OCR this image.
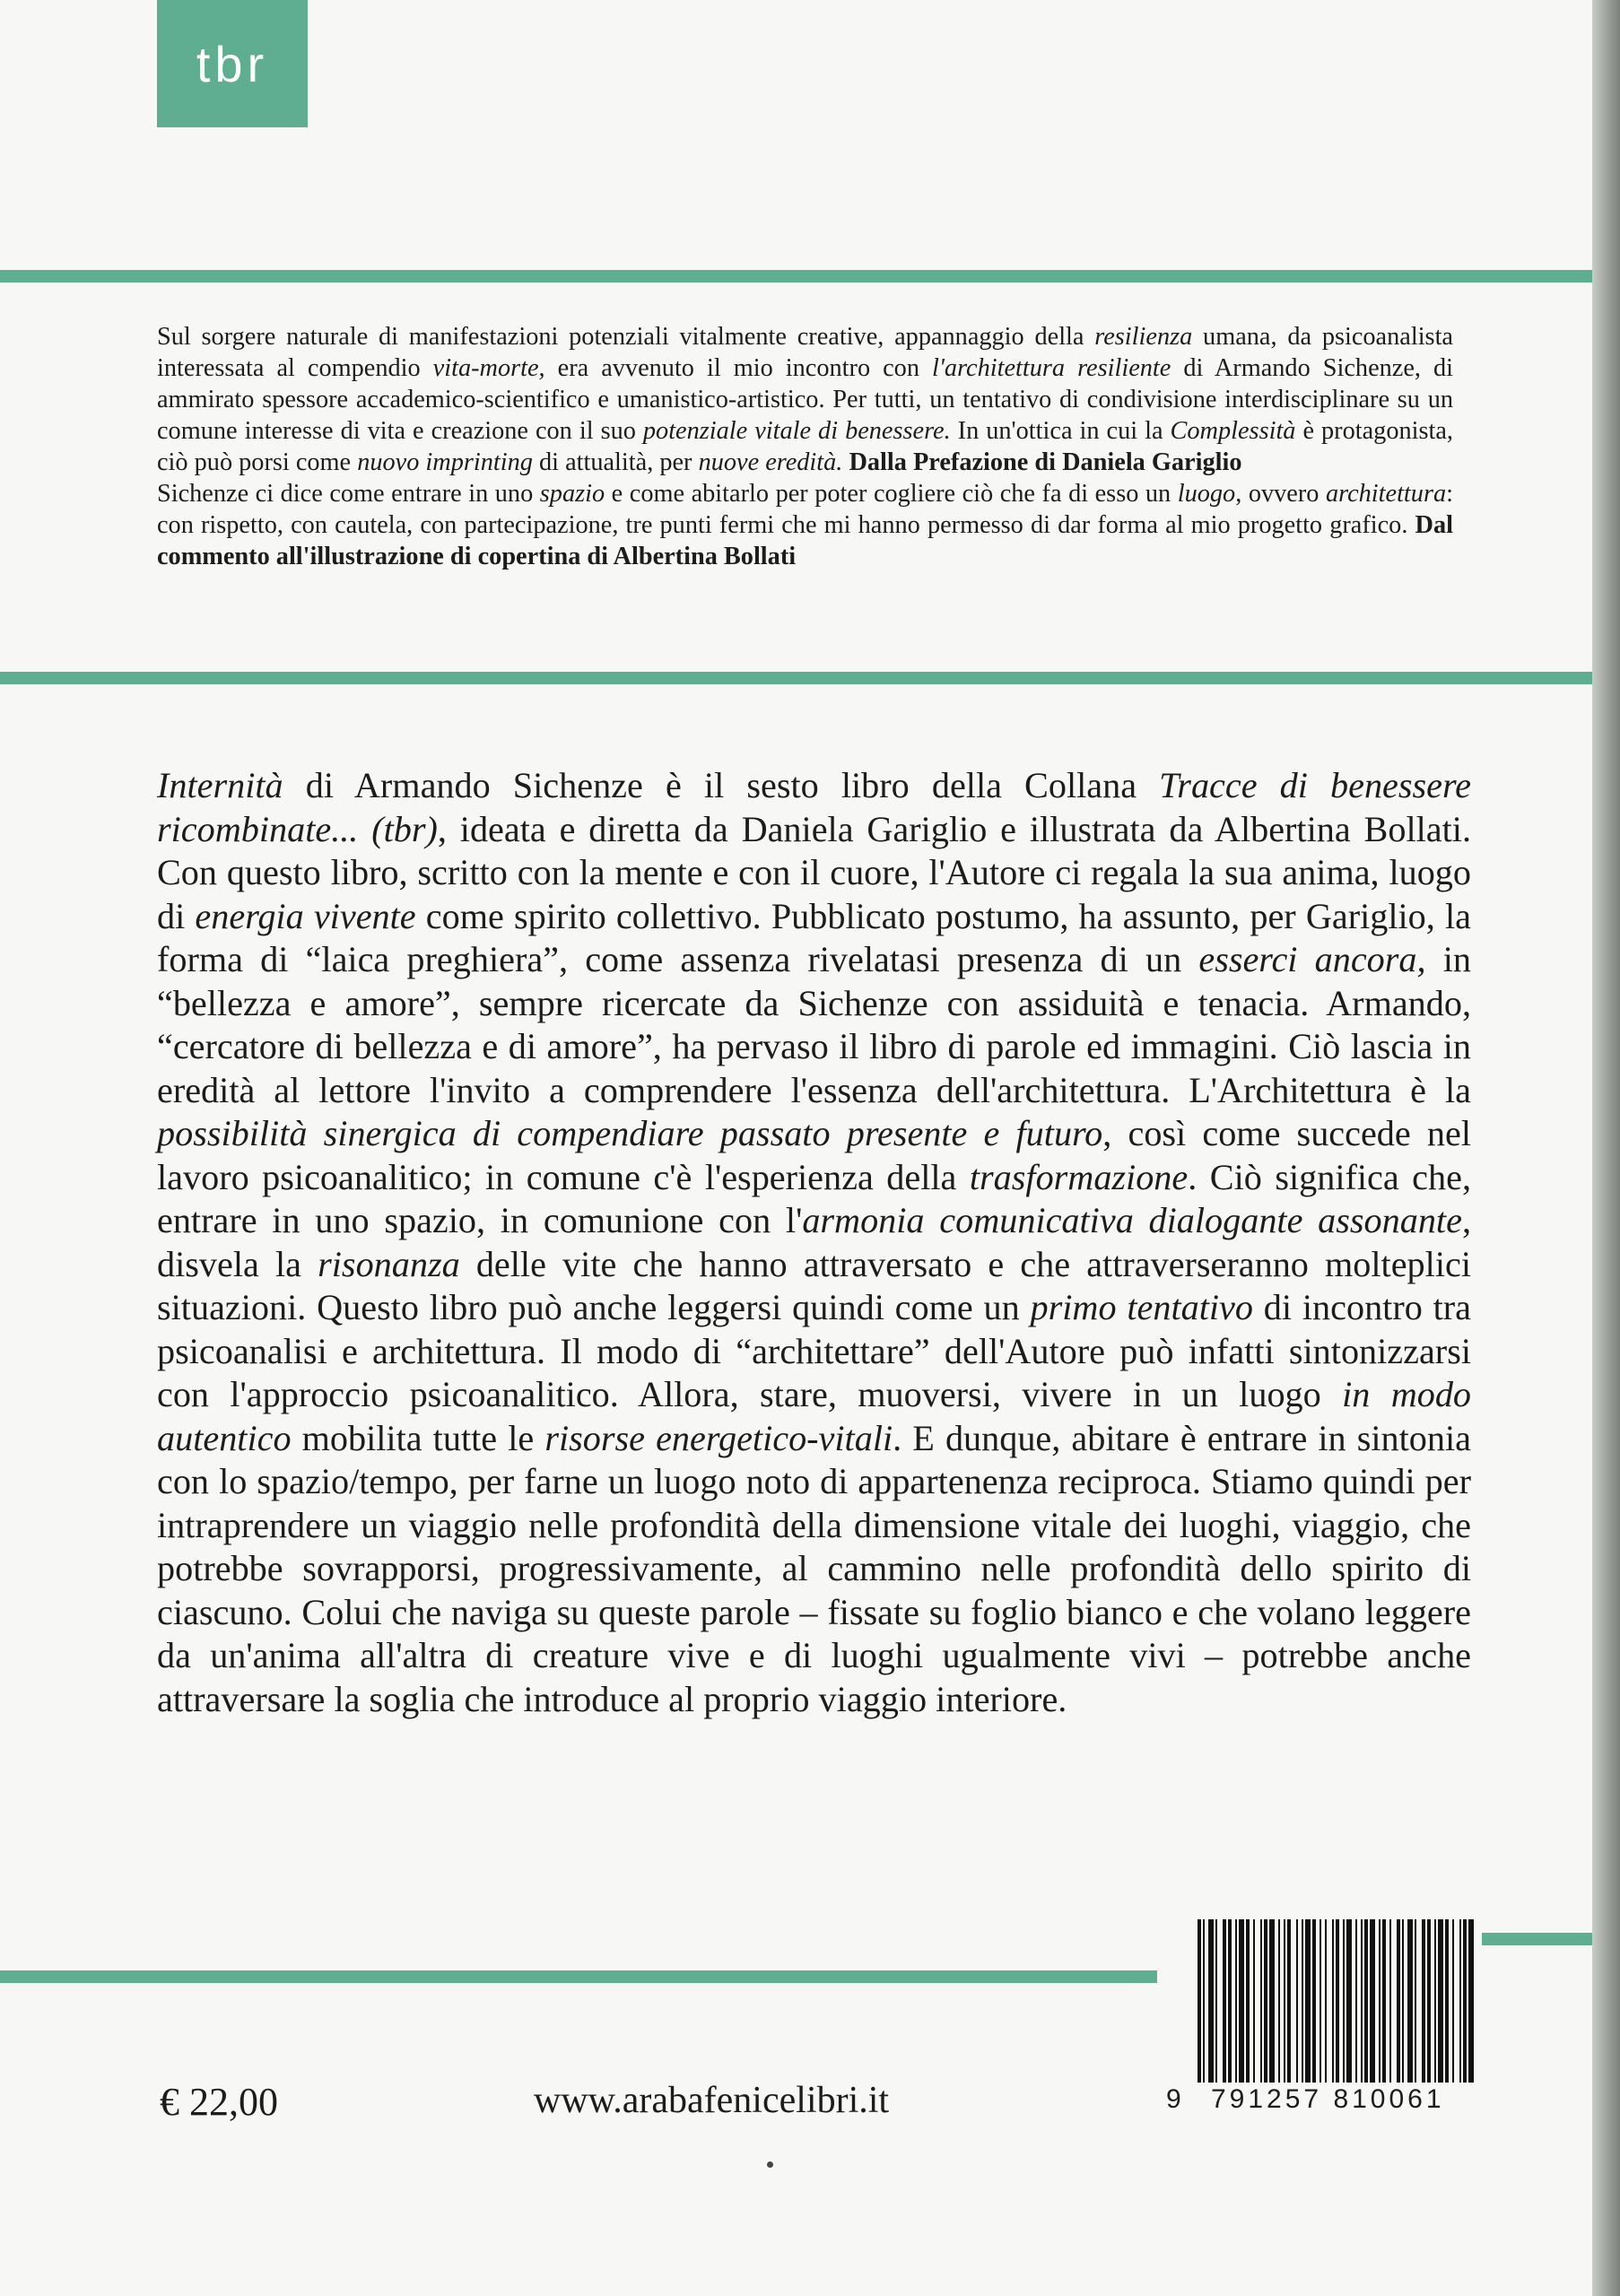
tbr

Sul sorgere naturale di manifestazioni potenziali vitalmente creative, appannaggio della resilienza umana, da psicoanalista interessata al compendio vita-morte, era avvenuto il mio incontro con l'architettura resiliente di Armando Sichenze, di ammirato spessore accademico-scientifico e umanistico-artistico. Per tutti, un tentativo di condivisione interdisciplinare su un comune interesse di vita e creazione con il suo potenziale vitale di benessere. In un'ottica in cui la Complessità è protagonista, ciò può porsi come nuovo imprinting di attualità, per nuove eredità. Dalla Prefazione di Daniela Gariglio

Sichenze ci dice come entrare in uno spazio e come abitarlo per poter cogliere ciò che fa di esso un luogo, ovvero architettura: con rispetto, con cautela, con partecipazione, tre punti fermi che mi hanno permesso di dar forma al mio progetto grafico. Dal commento all'illustrazione di copertina di Albertina Bollati

Internità di Armando Sichenze è il sesto libro della Collana Tracce di benessere ricombinate... (tbr), ideata e diretta da Daniela Gariglio e illustrata da Albertina Bollati. Con questo libro, scritto con la mente e con il cuore, l'Autore ci regala la sua anima, luogo di energia vivente come spirito collettivo. Pubblicato postumo, ha assunto, per Gariglio, la forma di “laica preghiera”, come assenza rivelatasi presenza di un esserci ancora, in “bellezza e amore”, sempre ricercate da Sichenze con assiduità e tenacia. Armando, “cercatore di bellezza e di amore”, ha pervaso il libro di parole ed immagini. Ciò lascia in eredità al lettore l'invito a comprendere l'essenza dell'architettura. L'Architettura è la possibilità sinergica di compendiare passato presente e futuro, così come succede nel lavoro psicoanalitico; in comune c'è l'esperienza della trasformazione. Ciò significa che, entrare in uno spazio, in comunione con l'armonia comunicativa dialogante assonante, disvela la risonanza delle vite che hanno attraversato e che attraverseranno molteplici situazioni. Questo libro può anche leggersi quindi come un primo tentativo di incontro tra psicoanalisi e architettura. Il modo di “architettare” dell'Autore può infatti sintonizzarsi con l'approccio psicoanalitico. Allora, stare, muoversi, vivere in un luogo in modo autentico mobilita tutte le risorse energetico-vitali. E dunque, abitare è entrare in sintonia con lo spazio/tempo, per farne un luogo noto di appartenenza reciproca. Stiamo quindi per intraprendere un viaggio nelle profondità della dimensione vitale dei luoghi, viaggio, che potrebbe sovrapporsi, progressivamente, al cammino nelle profondità dello spirito di ciascuno. Colui che naviga su queste parole – fissate su foglio bianco e che volano leggere da un'anima all'altra di creature vive e di luoghi ugualmente vivi – potrebbe anche attraversare la soglia che introduce al proprio viaggio interiore.

9 791257 810061
€ 22,00	www.arabafenicelibri.it
